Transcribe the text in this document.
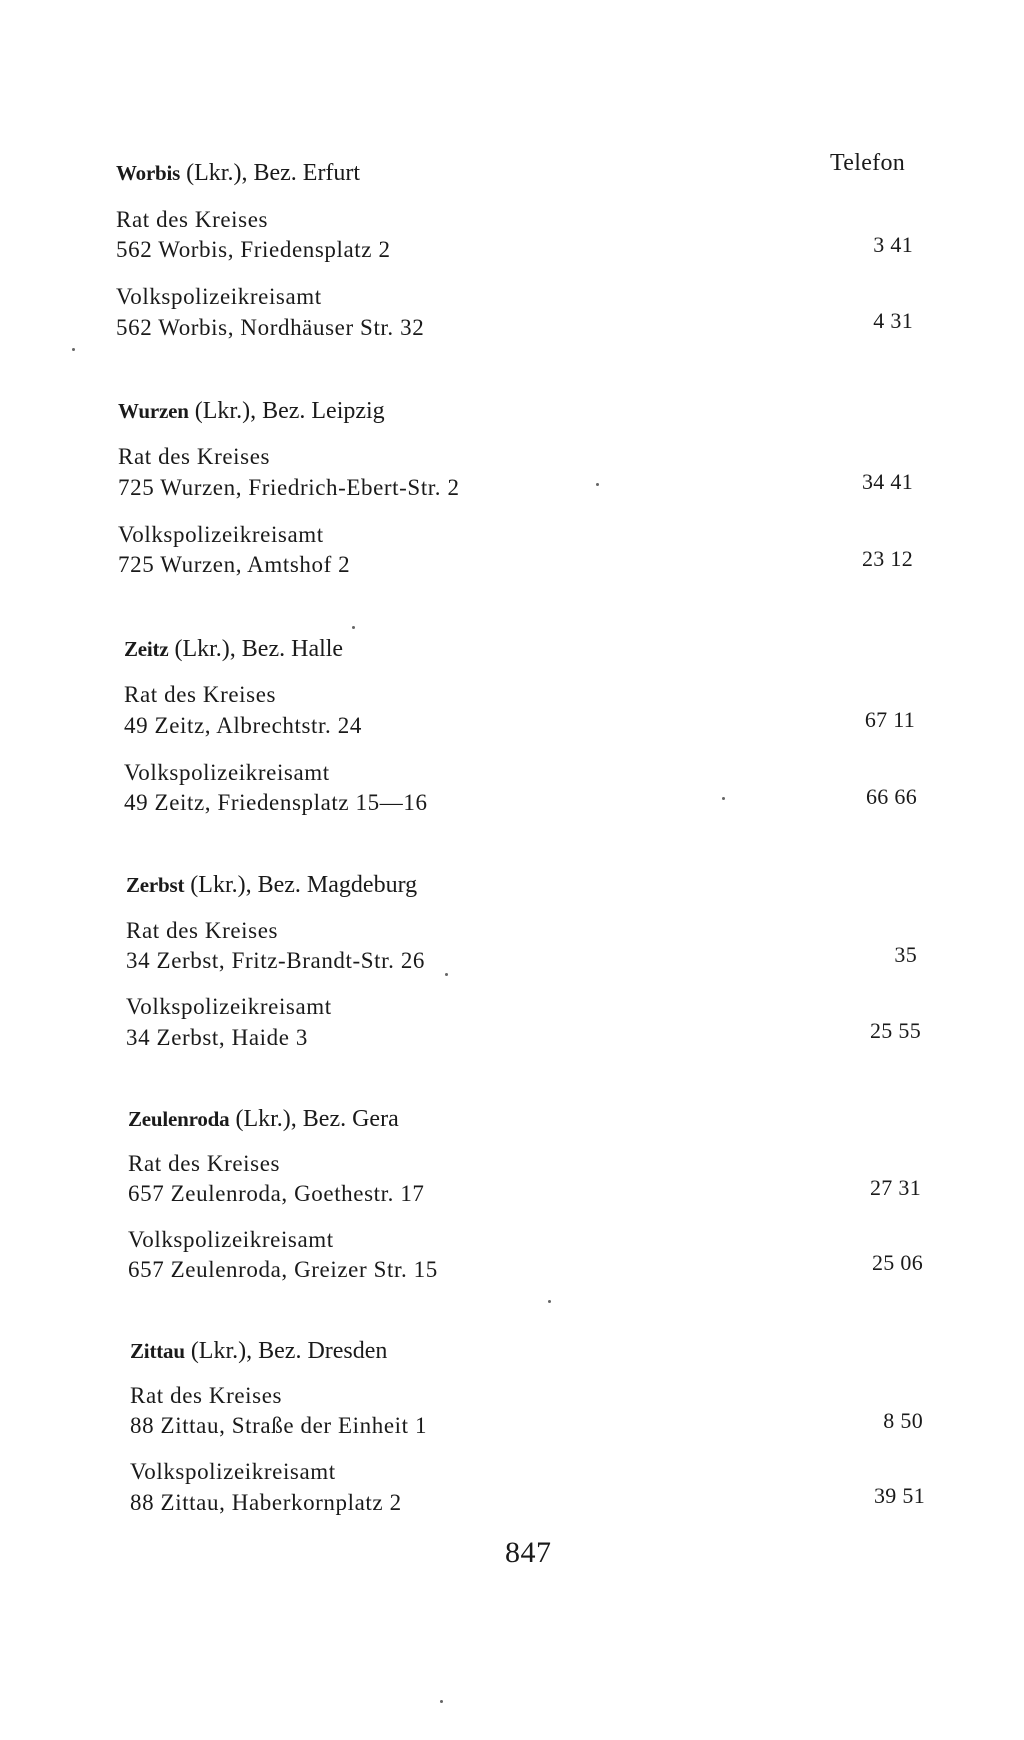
Telefon
Worbis (Lkr.), Bez. Erfurt
Rat des Kreises
562 Worbis, Friedensplatz 2	3 41
Volkspolizeikreisamt
562 Worbis, Nordhäuser Str. 32	4 31
Wurzen (Lkr.), Bez. Leipzig
Rat des Kreises
725 Wurzen, Friedrich-Ebert-Str. 2	34 41
Volkspolizeikreisamt
725 Wurzen, Amtshof 2	23 12
Zeitz (Lkr.), Bez. Halle
Rat des Kreises
49 Zeitz, Albrechtstr. 24	67 11
Volkspolizeikreisamt
49 Zeitz, Friedensplatz 15—16	66 66
Zerbst (Lkr.), Bez. Magdeburg
Rat des Kreises
34 Zerbst, Fritz-Brandt-Str. 26	35
Volkspolizeikreisamt
34 Zerbst, Haide 3	25 55
Zeulenroda (Lkr.), Bez. Gera
Rat des Kreises
657 Zeulenroda, Goethestr. 17	27 31
Volkspolizeikreisamt
657 Zeulenroda, Greizer Str. 15	25 06
Zittau (Lkr.), Bez. Dresden
Rat des Kreises
88 Zittau, Straße der Einheit 1	8 50
Volkspolizeikreisamt
88 Zittau, Haberkornplatz 2	39 51
847
